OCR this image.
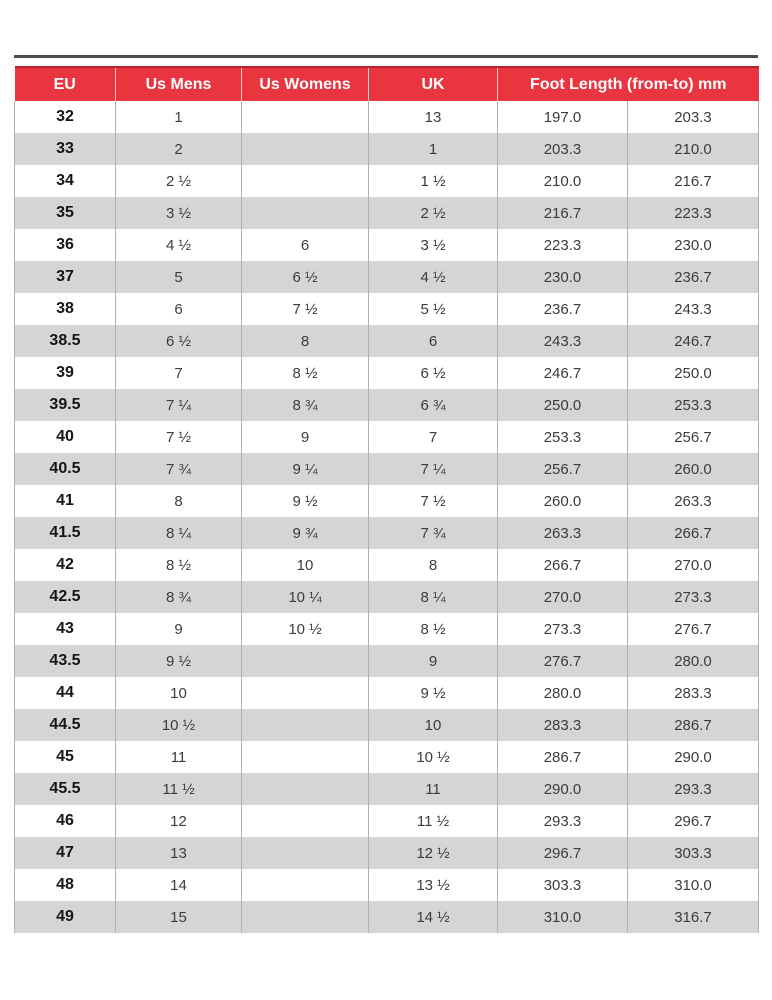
EU	Us Mens	Us Womens	UK	Foot Length (from-to) mm	
32	1		13	197.0	203.3
33	2		1	203.3	210.0
34	2 ½		1 ½	210.0	216.7
35	3 ½		2 ½	216.7	223.3
36	4 ½	6	3 ½	223.3	230.0
37	5	6 ½	4 ½	230.0	236.7
38	6	7 ½	5 ½	236.7	243.3
38.5	6 ½	8	6	243.3	246.7
39	7	8 ½	6 ½	246.7	250.0
39.5	7 ¼	8 ¾	6 ¾	250.0	253.3
40	7 ½	9	7	253.3	256.7
40.5	7 ¾	9 ¼	7 ¼	256.7	260.0
41	8	9 ½	7 ½	260.0	263.3
41.5	8 ¼	9 ¾	7 ¾	263.3	266.7
42	8 ½	10	8	266.7	270.0
42.5	8 ¾	10 ¼	8 ¼	270.0	273.3
43	9	10 ½	8 ½	273.3	276.7
43.5	9 ½		9	276.7	280.0
44	10		9 ½	280.0	283.3
44.5	10 ½		10	283.3	286.7
45	11		10 ½	286.7	290.0
45.5	11 ½		11	290.0	293.3
46	12		11 ½	293.3	296.7
47	13		12 ½	296.7	303.3
48	14		13 ½	303.3	310.0
49	15		14 ½	310.0	316.7
